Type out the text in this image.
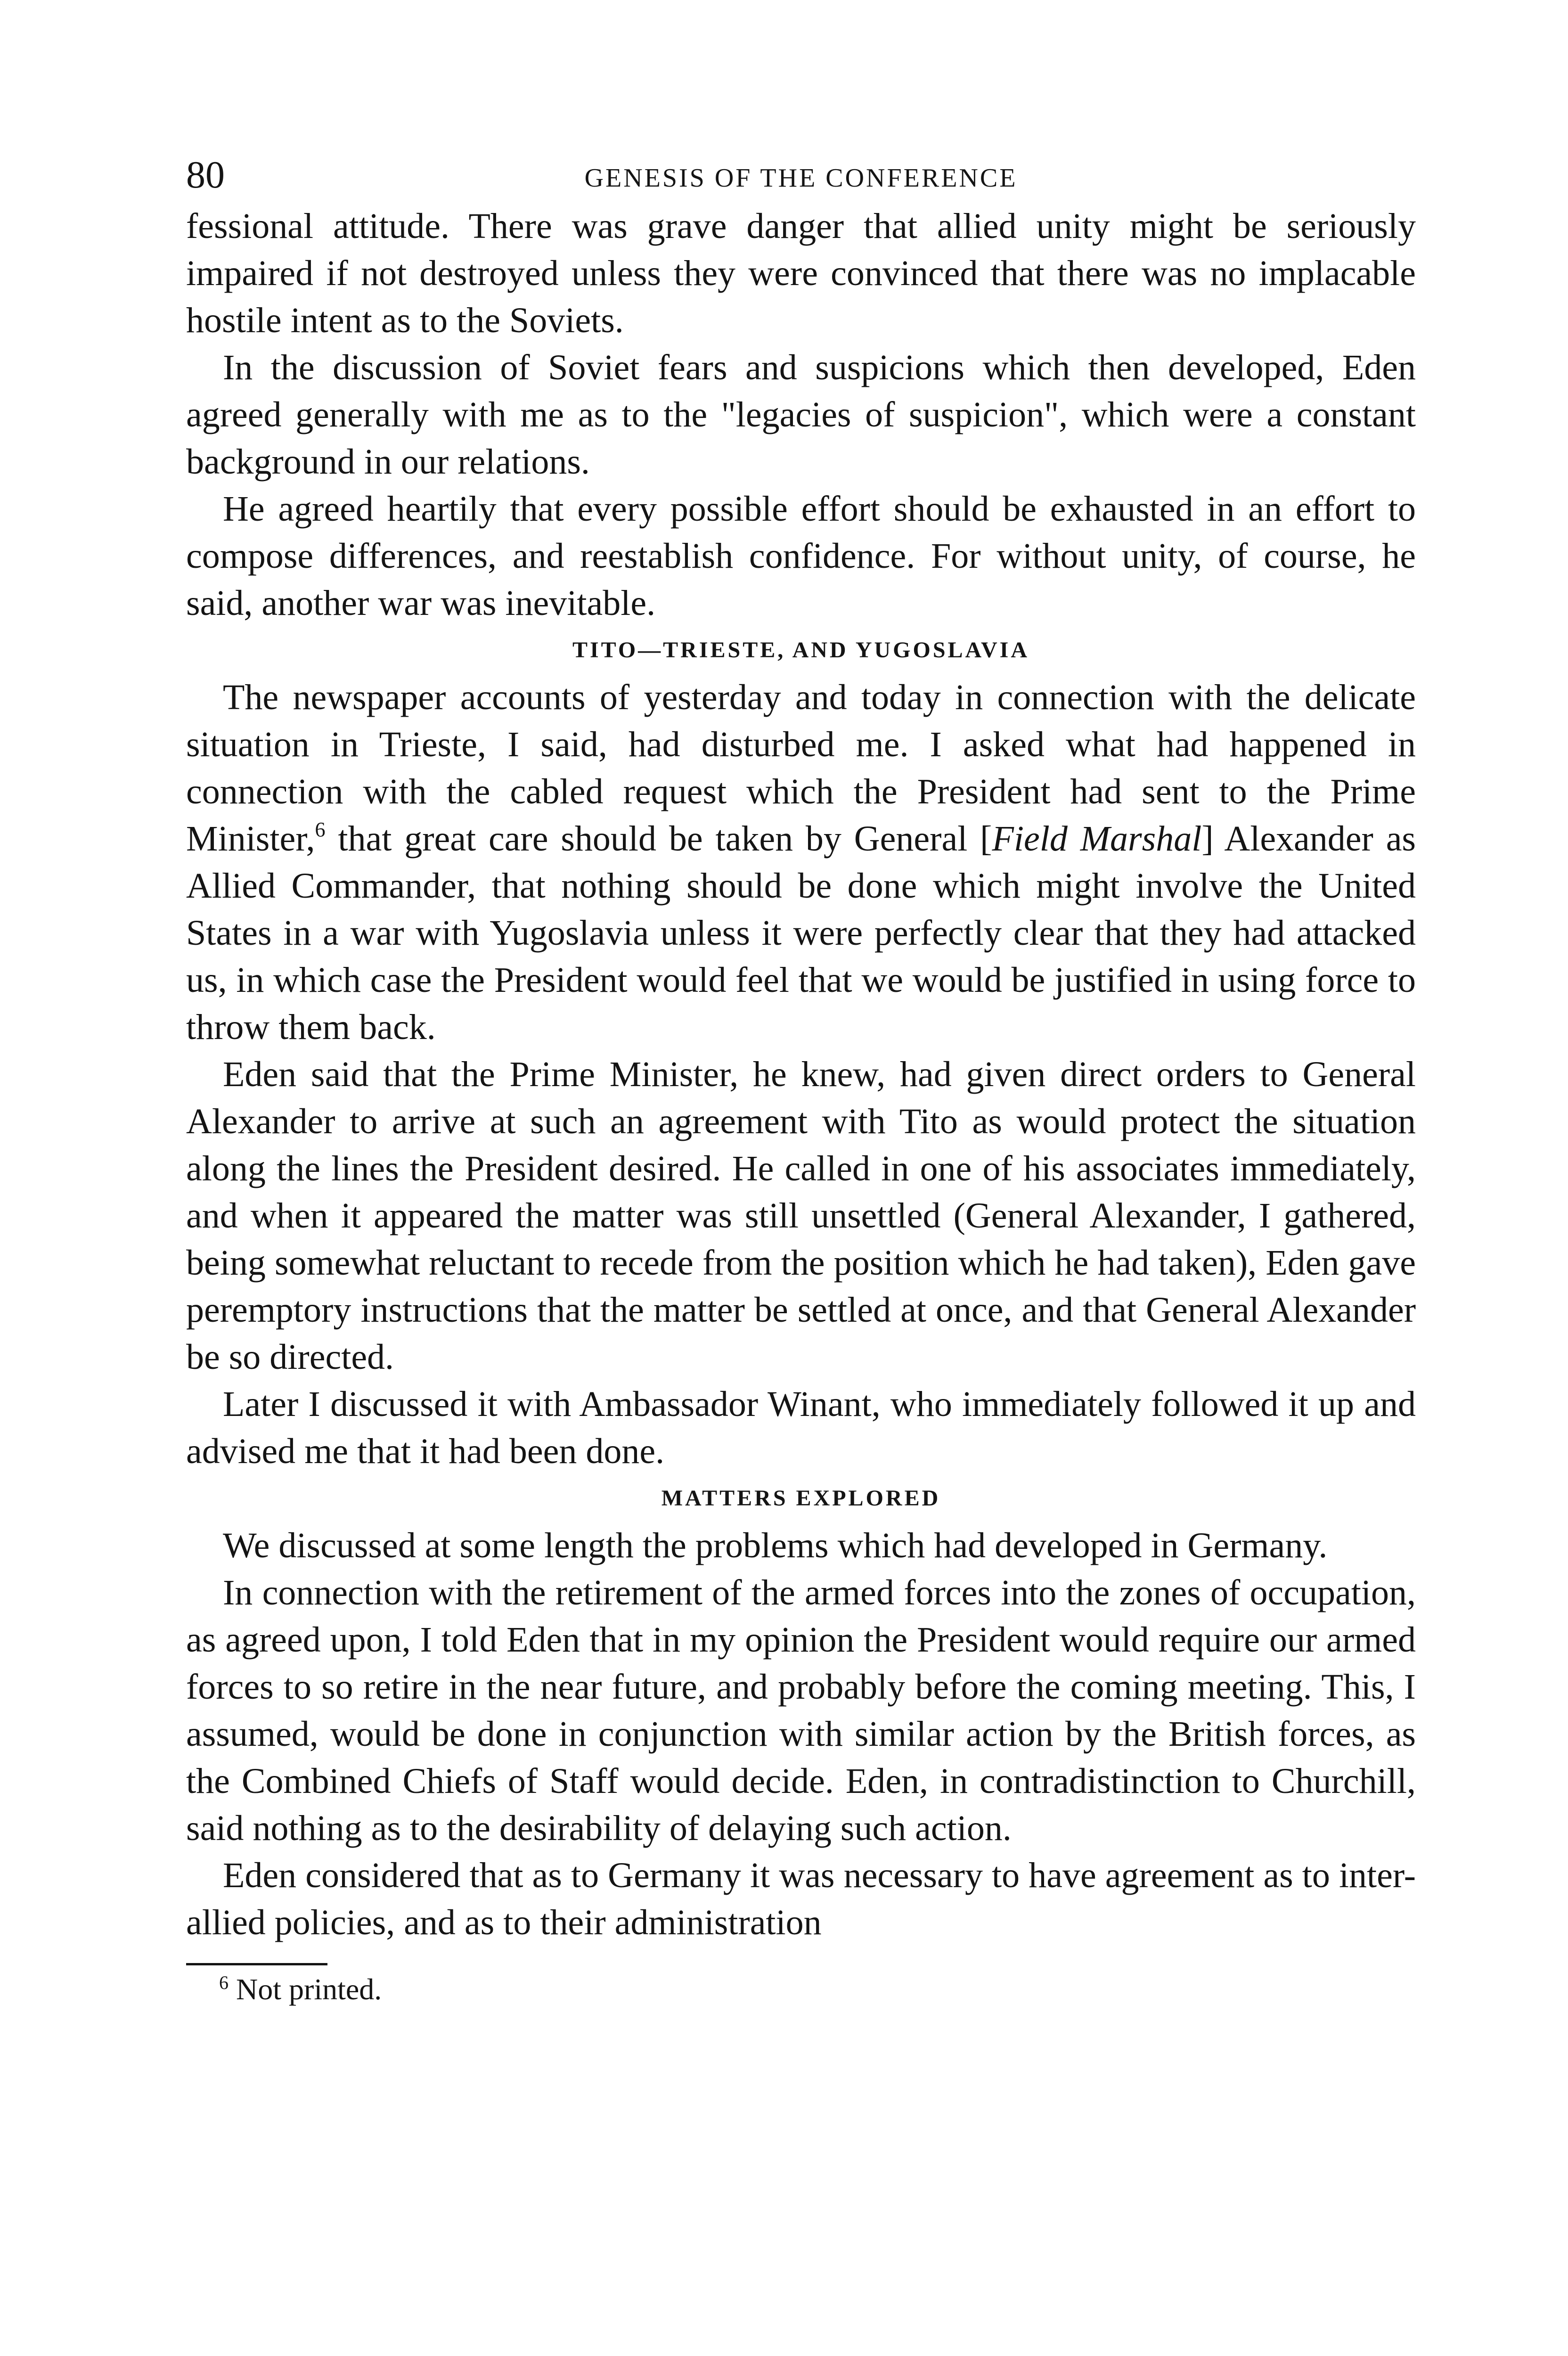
80	GENESIS OF THE CONFERENCE

fessional attitude. There was grave danger that allied unity might be seriously impaired if not destroyed unless they were convinced that there was no implacable hostile intent as to the Soviets.

In the discussion of Soviet fears and suspicions which then developed, Eden agreed generally with me as to the "legacies of suspicion", which were a constant background in our relations.

He agreed heartily that every possible effort should be exhausted in an effort to compose differences, and reestablish confidence. For without unity, of course, he said, another war was inevitable.

TITO—TRIESTE, AND YUGOSLAVIA

The newspaper accounts of yesterday and today in connection with the delicate situation in Trieste, I said, had disturbed me. I asked what had happened in connection with the cabled request which the President had sent to the Prime Minister,$^6$ that great care should be taken by General [Field Marshal] Alexander as Allied Commander, that nothing should be done which might involve the United States in a war with Yugoslavia unless it were perfectly clear that they had attacked us, in which case the President would feel that we would be justified in using force to throw them back.

Eden said that the Prime Minister, he knew, had given direct orders to General Alexander to arrive at such an agreement with Tito as would protect the situation along the lines the President desired. He called in one of his associates immediately, and when it appeared the matter was still unsettled (General Alexander, I gathered, being somewhat reluctant to recede from the position which he had taken), Eden gave peremptory instructions that the matter be settled at once, and that General Alexander be so directed.

Later I discussed it with Ambassador Winant, who immediately followed it up and advised me that it had been done.

MATTERS EXPLORED

We discussed at some length the problems which had developed in Germany.

In connection with the retirement of the armed forces into the zones of occupation, as agreed upon, I told Eden that in my opinion the President would require our armed forces to so retire in the near future, and probably before the coming meeting. This, I assumed, would be done in conjunction with similar action by the British forces, as the Combined Chiefs of Staff would decide. Eden, in contradistinction to Churchill, said nothing as to the desirability of delaying such action.

Eden considered that as to Germany it was necessary to have agreement as to inter-allied policies, and as to their administration

$^6$ Not printed.
